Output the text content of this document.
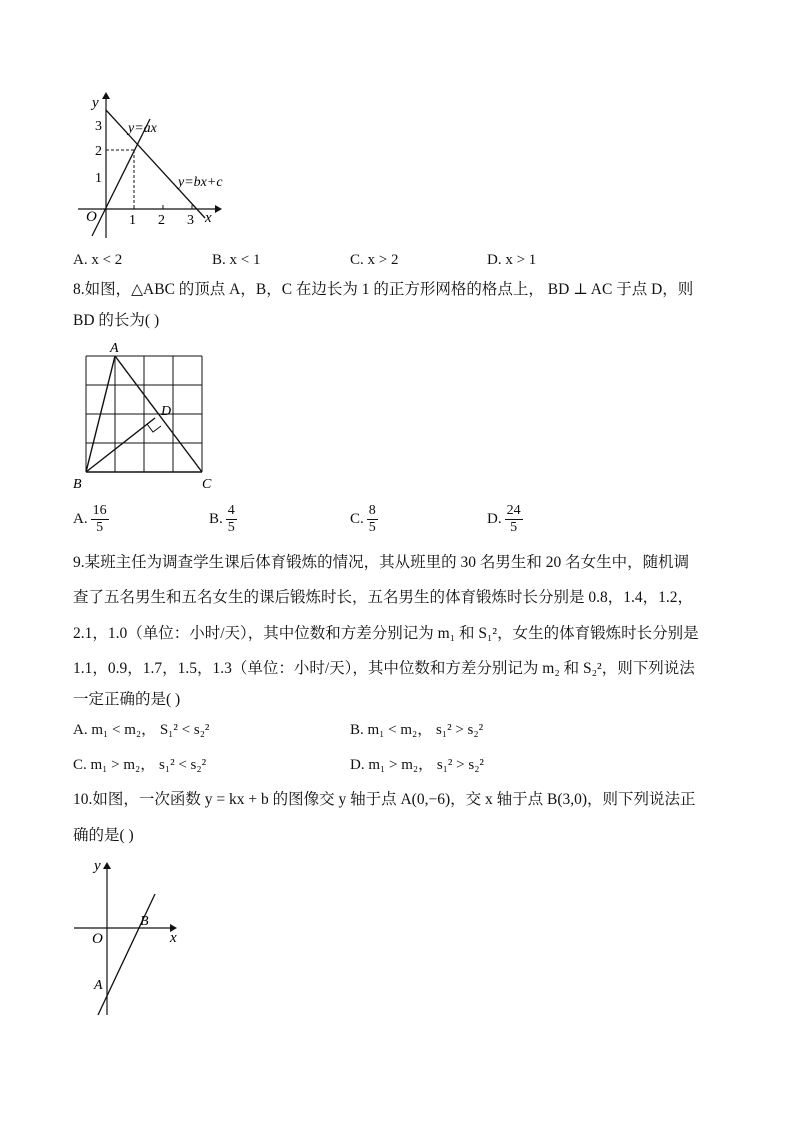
y
x
O 1 2 3
1
2
3 y=ax
y=bx+c
A. x < 2	B. x < 1	C. x > 2	D. x > 1
8.如图，△ABC 的顶点 A，B，C 在边长为 1 的正方形网格的格点上， BD ⊥ AC 于点 D，则
BD 的长为( )
A
B	C
D
A. $\frac{16}{5}$	B. $\frac{4}{5}$	C. $\frac{8}{5}$	D. $\frac{24}{5}$
9.某班主任为调查学生课后体育锻炼的情况，其从班里的 30 名男生和 20 名女生中，随机调
查了五名男生和五名女生的课后锻炼时长，五名男生的体育锻炼时长分别是 0.8，1.4，1.2，
2.1，1.0（单位：小时/天），其中位数和方差分别记为 m₁ 和 S₁²，女生的体育锻炼时长分别是
1.1，0.9，1.7，1.5，1.3（单位：小时/天），其中位数和方差分别记为 m₂ 和 S₂²，则下列说法
一定正确的是( )
A. m₁ < m₂， S₁² < s₂²	B. m₁ < m₂， s₁² > s₂²
C. m₁ > m₂， s₁² < s₂²	D. m₁ > m₂， s₁² > s₂²
10.如图，一次函数 y = kx + b 的图像交 y 轴于点 A(0,−6)，交 x 轴于点 B(3,0)，则下列说法正
确的是( )
y
x
O
B
A
